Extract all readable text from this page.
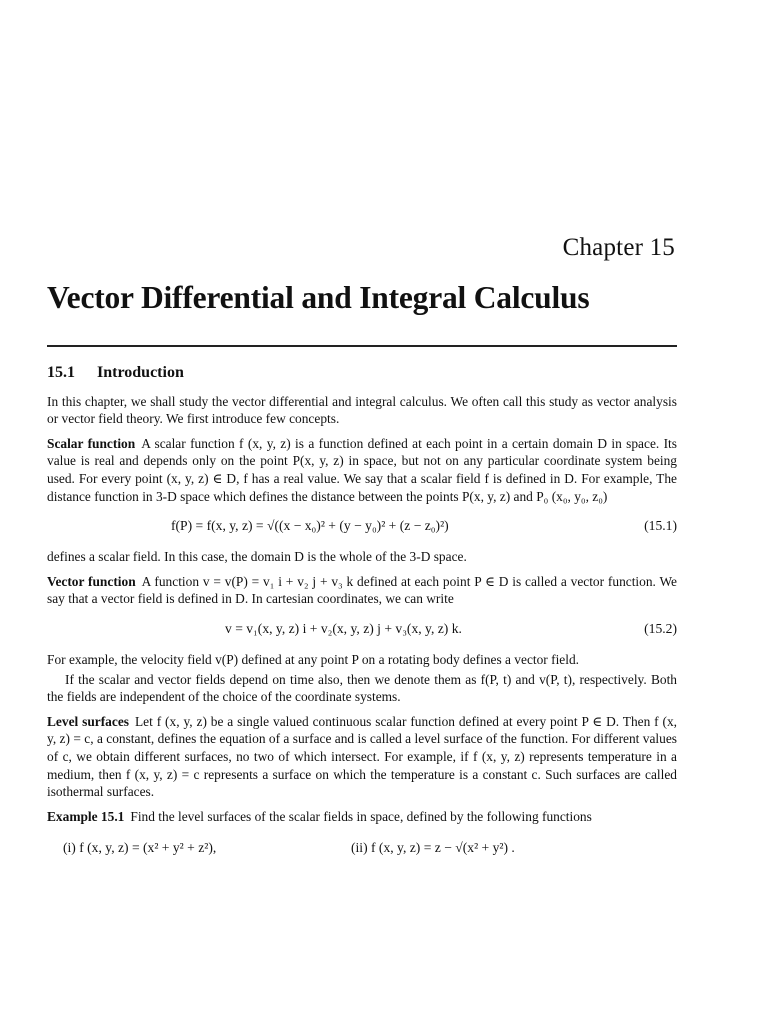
Chapter 15
Vector Differential and Integral Calculus
15.1 Introduction

In this chapter, we shall study the vector differential and integral calculus. We often call this study as vector analysis or vector field theory. We first introduce few concepts.

Scalar function A scalar function f (x, y, z) is a function defined at each point in a certain domain D in space. Its value is real and depends only on the point P(x, y, z) in space, but not on any particular coordinate system being used. For every point (x, y, z) ∈ D, f has a real value. We say that a scalar field f is defined in D. For example, The distance function in 3-D space which defines the distance between the points P(x, y, z) and P₀ (x₀, y₀, z₀)

f(P) = f(x, y, z) = √((x − x₀)² + (y − y₀)² + (z − z₀)²)	(15.1)

defines a scalar field. In this case, the domain D is the whole of the 3-D space.

Vector function A function v = v(P) = v₁ i + v₂ j + v₃ k defined at each point P ∈ D is called a vector function. We say that a vector field is defined in D. In cartesian coordinates, we can write

v = v₁(x, y, z) i + v₂(x, y, z) j + v₃(x, y, z) k.	(15.2)

For example, the velocity field v(P) defined at any point P on a rotating body defines a vector field.

If the scalar and vector fields depend on time also, then we denote them as f(P, t) and v(P, t), respectively. Both the fields are independent of the choice of the coordinate systems.

Level surfaces Let f (x, y, z) be a single valued continuous scalar function defined at every point P ∈ D. Then f (x, y, z) = c, a constant, defines the equation of a surface and is called a level surface of the function. For different values of c, we obtain different surfaces, no two of which intersect. For example, if f (x, y, z) represents temperature in a medium, then f (x, y, z) = c represents a surface on which the temperature is a constant c. Such surfaces are called isothermal surfaces.

Example 15.1 Find the level surfaces of the scalar fields in space, defined by the following functions

(i) f (x, y, z) = (x² + y² + z²),	(ii) f (x, y, z) = z − √(x² + y²) .
